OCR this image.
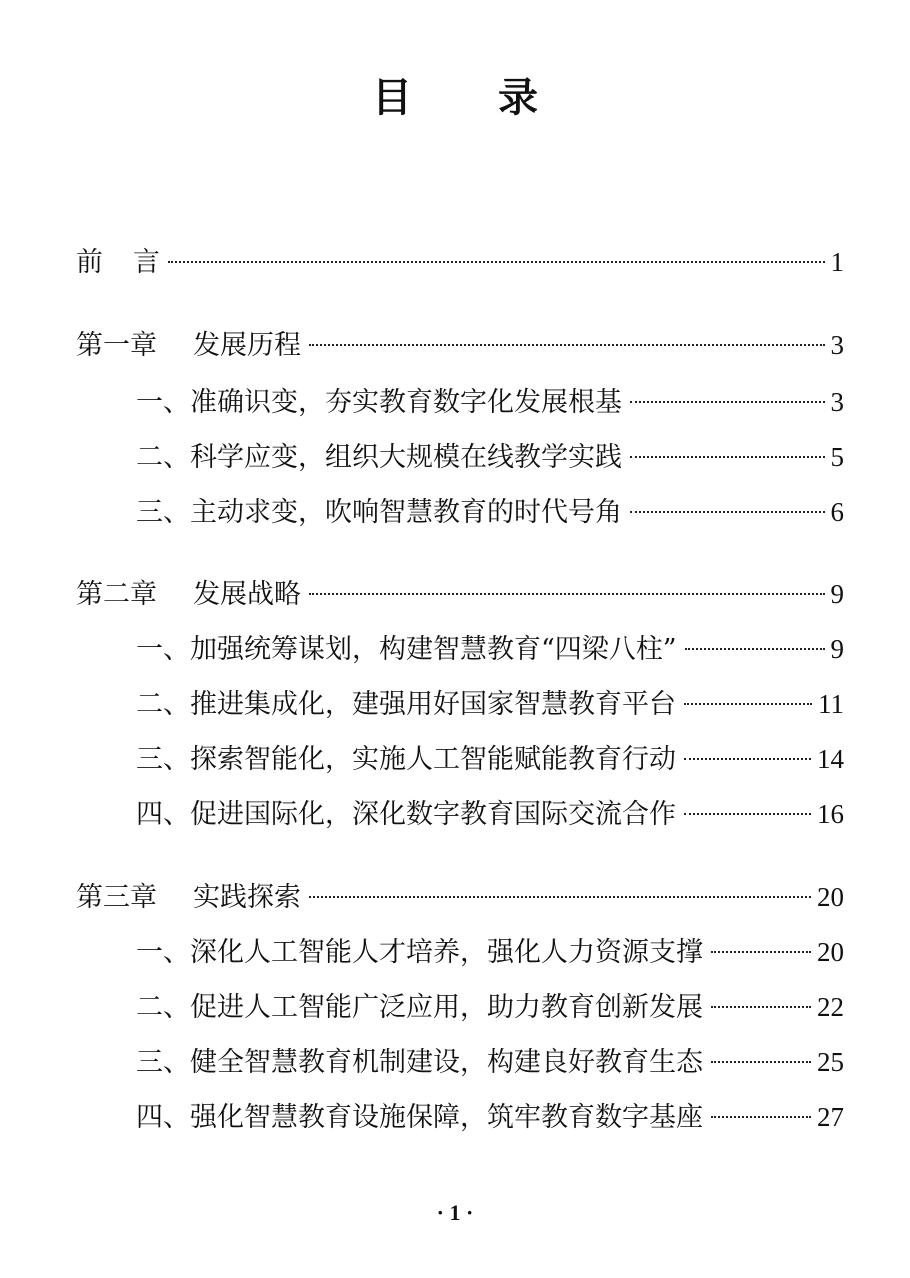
目 录
前 言	1
第一章 发展历程	3
一、准确识变，夯实教育数字化发展根基	3
二、科学应变，组织大规模在线教学实践	5
三、主动求变，吹响智慧教育的时代号角	6
第二章 发展战略	9
一、加强统筹谋划，构建智慧教育“四梁八柱”	9
二、推进集成化，建强用好国家智慧教育平台	11
三、探索智能化，实施人工智能赋能教育行动	14
四、促进国际化，深化数字教育国际交流合作	16
第三章 实践探索	20
一、深化人工智能人才培养，强化人力资源支撑	20
二、促进人工智能广泛应用，助力教育创新发展	22
三、健全智慧教育机制建设，构建良好教育生态	25
四、强化智慧教育设施保障，筑牢教育数字基座	27
· 1 ·
